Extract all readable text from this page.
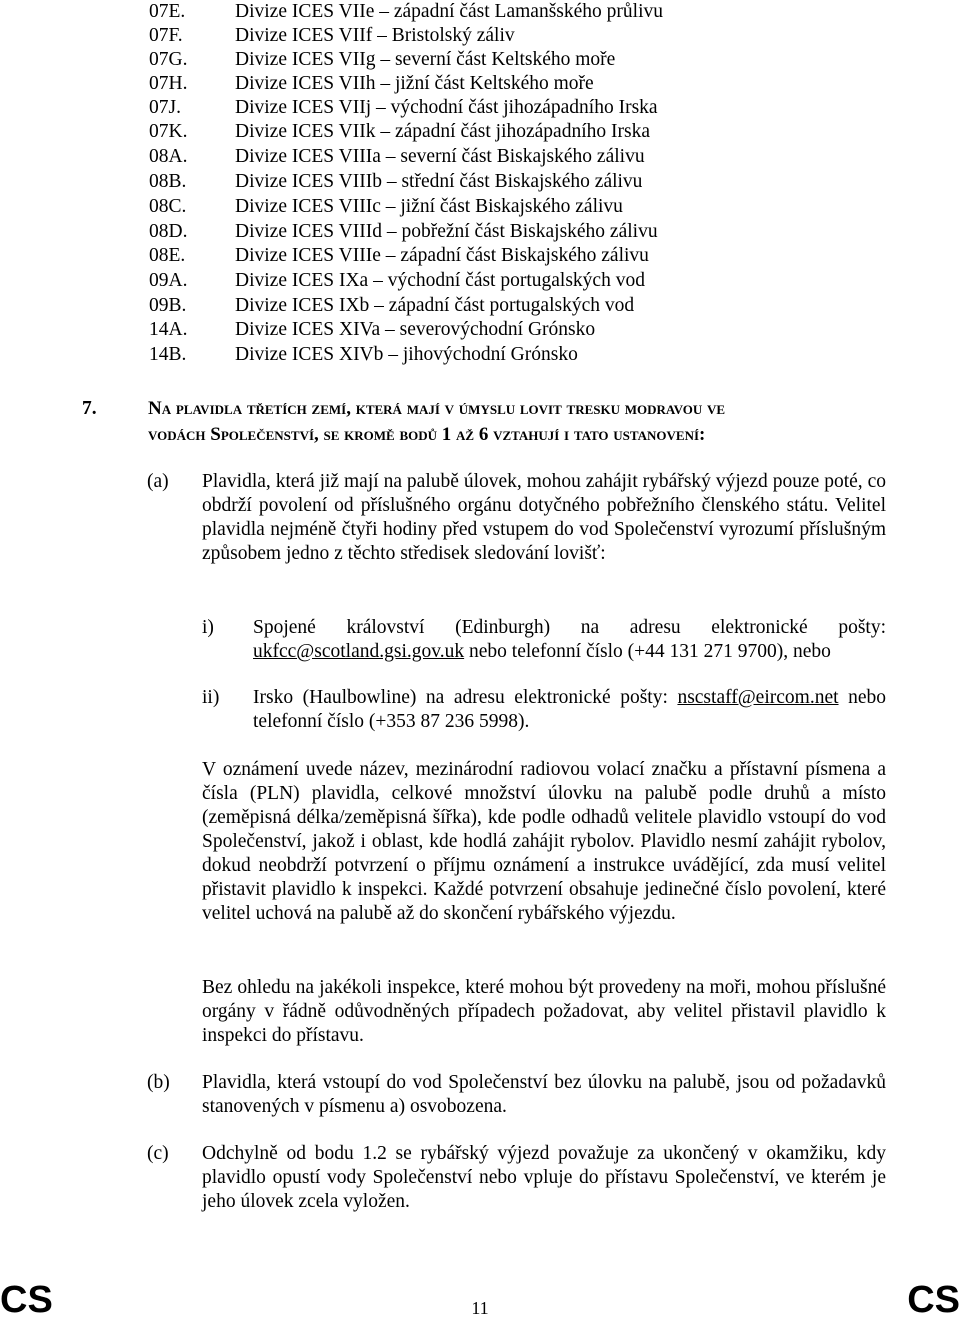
07E.	Divize ICES VIIe – západní část Lamanšského průlivu
07F.	Divize ICES VIIf – Bristolský záliv
07G. Divize ICES VIIg – severní část Keltského moře
07H. Divize ICES VIIh – jižní část Keltského moře
07J.	Divize ICES VIIj – východní část jihozápadního Irska
07K. Divize ICES VIIk – západní část jihozápadního Irska
08A. Divize ICES VIIIa – severní část Biskajského zálivu
08B. Divize ICES VIIIb – střední část Biskajského zálivu
08C. Divize ICES VIIIc – jižní část Biskajského zálivu
08D. Divize ICES VIIId – pobřežní část Biskajského zálivu
08E.	Divize ICES VIIIe – západní část Biskajského zálivu
09A. Divize ICES IXa – východní část portugalských vod
09B. Divize ICES IXb – západní část portugalských vod
14A. Divize ICES XIVa – severovýchodní Grónsko
14B. Divize ICES XIVb – jihovýchodní Grónsko
7.	Na plavidla třetích zemí, která mají v úmyslu lovit tresku modravou ve
vodách Společenství, se kromě bodů 1 až 6 vztahují i tato ustanovení:
(a) Plavidla, která již mají na palubě úlovek, mohou zahájit rybářský výjezd pouze poté, co obdrží povolení od příslušného orgánu dotyčného pobřežního členského státu. Velitel plavidla nejméně čtyři hodiny před vstupem do vod Společenství vyrozumí příslušným způsobem jedno z těchto středisek sledování lovišť:
i) Spojené království (Edinburgh) na adresu elektronické pošty: ukfcc@scotland.gsi.gov.uk nebo telefonní číslo (+44 131 271 9700), nebo
ii) Irsko (Haulbowline) na adresu elektronické pošty: nscstaff@eircom.net nebo telefonní číslo (+353 87 236 5998).
V oznámení uvede název, mezinárodní radiovou volací značku a přístavní písmena a čísla (PLN) plavidla, celkové množství úlovku na palubě podle druhů a místo (zeměpisná délka/zeměpisná šířka), kde podle odhadů velitele plavidlo vstoupí do vod Společenství, jakož i oblast, kde hodlá zahájit rybolov. Plavidlo nesmí zahájit rybolov, dokud neobdrží potvrzení o příjmu oznámení a instrukce uvádějící, zda musí velitel přistavit plavidlo k inspekci. Každé potvrzení obsahuje jedinečné číslo povolení, které velitel uchová na palubě až do skončení rybářského výjezdu.
Bez ohledu na jakékoli inspekce, které mohou být provedeny na moři, mohou příslušné orgány v řádně odůvodněných případech požadovat, aby velitel přistavil plavidlo k inspekci do přístavu.
(b) Plavidla, která vstoupí do vod Společenství bez úlovku na palubě, jsou od požadavků stanovených v písmenu a) osvobozena.
(c) Odchylně od bodu 1.2 se rybářský výjezd považuje za ukončený v okamžiku, kdy plavidlo opustí vody Společenství nebo vpluje do přístavu Společenství, ve kterém je jeho úlovek zcela vyložen.
CS	11	CS
